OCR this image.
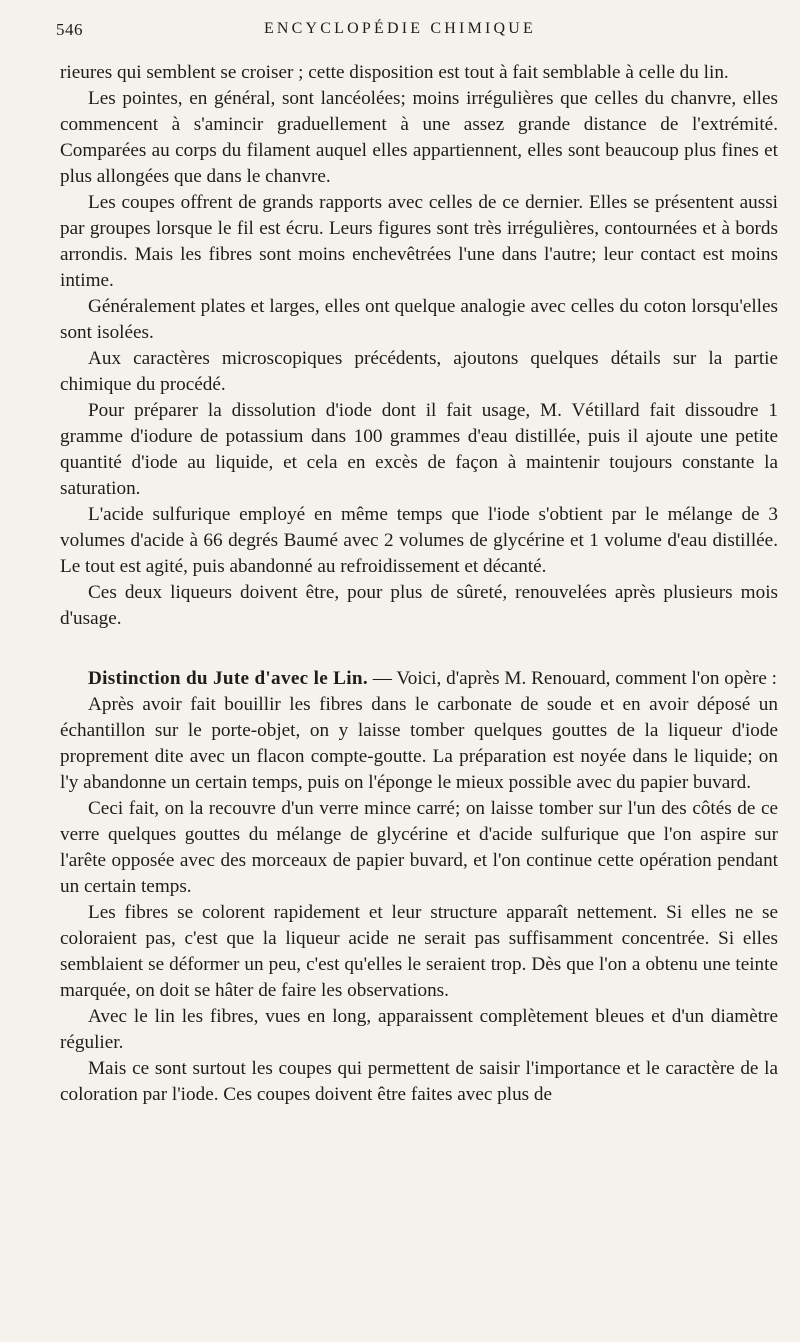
546	ENCYCLOPÉDIE CHIMIQUE

rieures qui semblent se croiser ; cette disposition est tout à fait semblable à celle du lin.

Les pointes, en général, sont lancéolées; moins irrégulières que celles du chanvre, elles commencent à s'amincir graduellement à une assez grande distance de l'extrémité. Comparées au corps du filament auquel elles appartiennent, elles sont beaucoup plus fines et plus allongées que dans le chanvre.

Les coupes offrent de grands rapports avec celles de ce dernier. Elles se présentent aussi par groupes lorsque le fil est écru. Leurs figures sont très irrégulières, contournées et à bords arrondis. Mais les fibres sont moins enchevêtrées l'une dans l'autre; leur contact est moins intime.

Généralement plates et larges, elles ont quelque analogie avec celles du coton lorsqu'elles sont isolées.

Aux caractères microscopiques précédents, ajoutons quelques détails sur la partie chimique du procédé.

Pour préparer la dissolution d'iode dont il fait usage, M. Vétillard fait dissoudre 1 gramme d'iodure de potassium dans 100 grammes d'eau distillée, puis il ajoute une petite quantité d'iode au liquide, et cela en excès de façon à maintenir toujours constante la saturation.

L'acide sulfurique employé en même temps que l'iode s'obtient par le mélange de 3 volumes d'acide à 66 degrés Baumé avec 2 volumes de glycérine et 1 volume d'eau distillée. Le tout est agité, puis abandonné au refroidissement et décanté.

Ces deux liqueurs doivent être, pour plus de sûreté, renouvelées après plusieurs mois d'usage.

Distinction du Jute d'avec le Lin. — Voici, d'après M. Renouard, comment l'on opère :

Après avoir fait bouillir les fibres dans le carbonate de soude et en avoir déposé un échantillon sur le porte-objet, on y laisse tomber quelques gouttes de la liqueur d'iode proprement dite avec un flacon compte-goutte. La préparation est noyée dans le liquide; on l'y abandonne un certain temps, puis on l'éponge le mieux possible avec du papier buvard.

Ceci fait, on la recouvre d'un verre mince carré; on laisse tomber sur l'un des côtés de ce verre quelques gouttes du mélange de glycérine et d'acide sulfurique que l'on aspire sur l'arête opposée avec des morceaux de papier buvard, et l'on continue cette opération pendant un certain temps.

Les fibres se colorent rapidement et leur structure apparaît nettement. Si elles ne se coloraient pas, c'est que la liqueur acide ne serait pas suffisamment concentrée. Si elles semblaient se déformer un peu, c'est qu'elles le seraient trop. Dès que l'on a obtenu une teinte marquée, on doit se hâter de faire les observations.

Avec le lin les fibres, vues en long, apparaissent complètement bleues et d'un diamètre régulier.

Mais ce sont surtout les coupes qui permettent de saisir l'importance et le caractère de la coloration par l'iode. Ces coupes doivent être faites avec plus de
